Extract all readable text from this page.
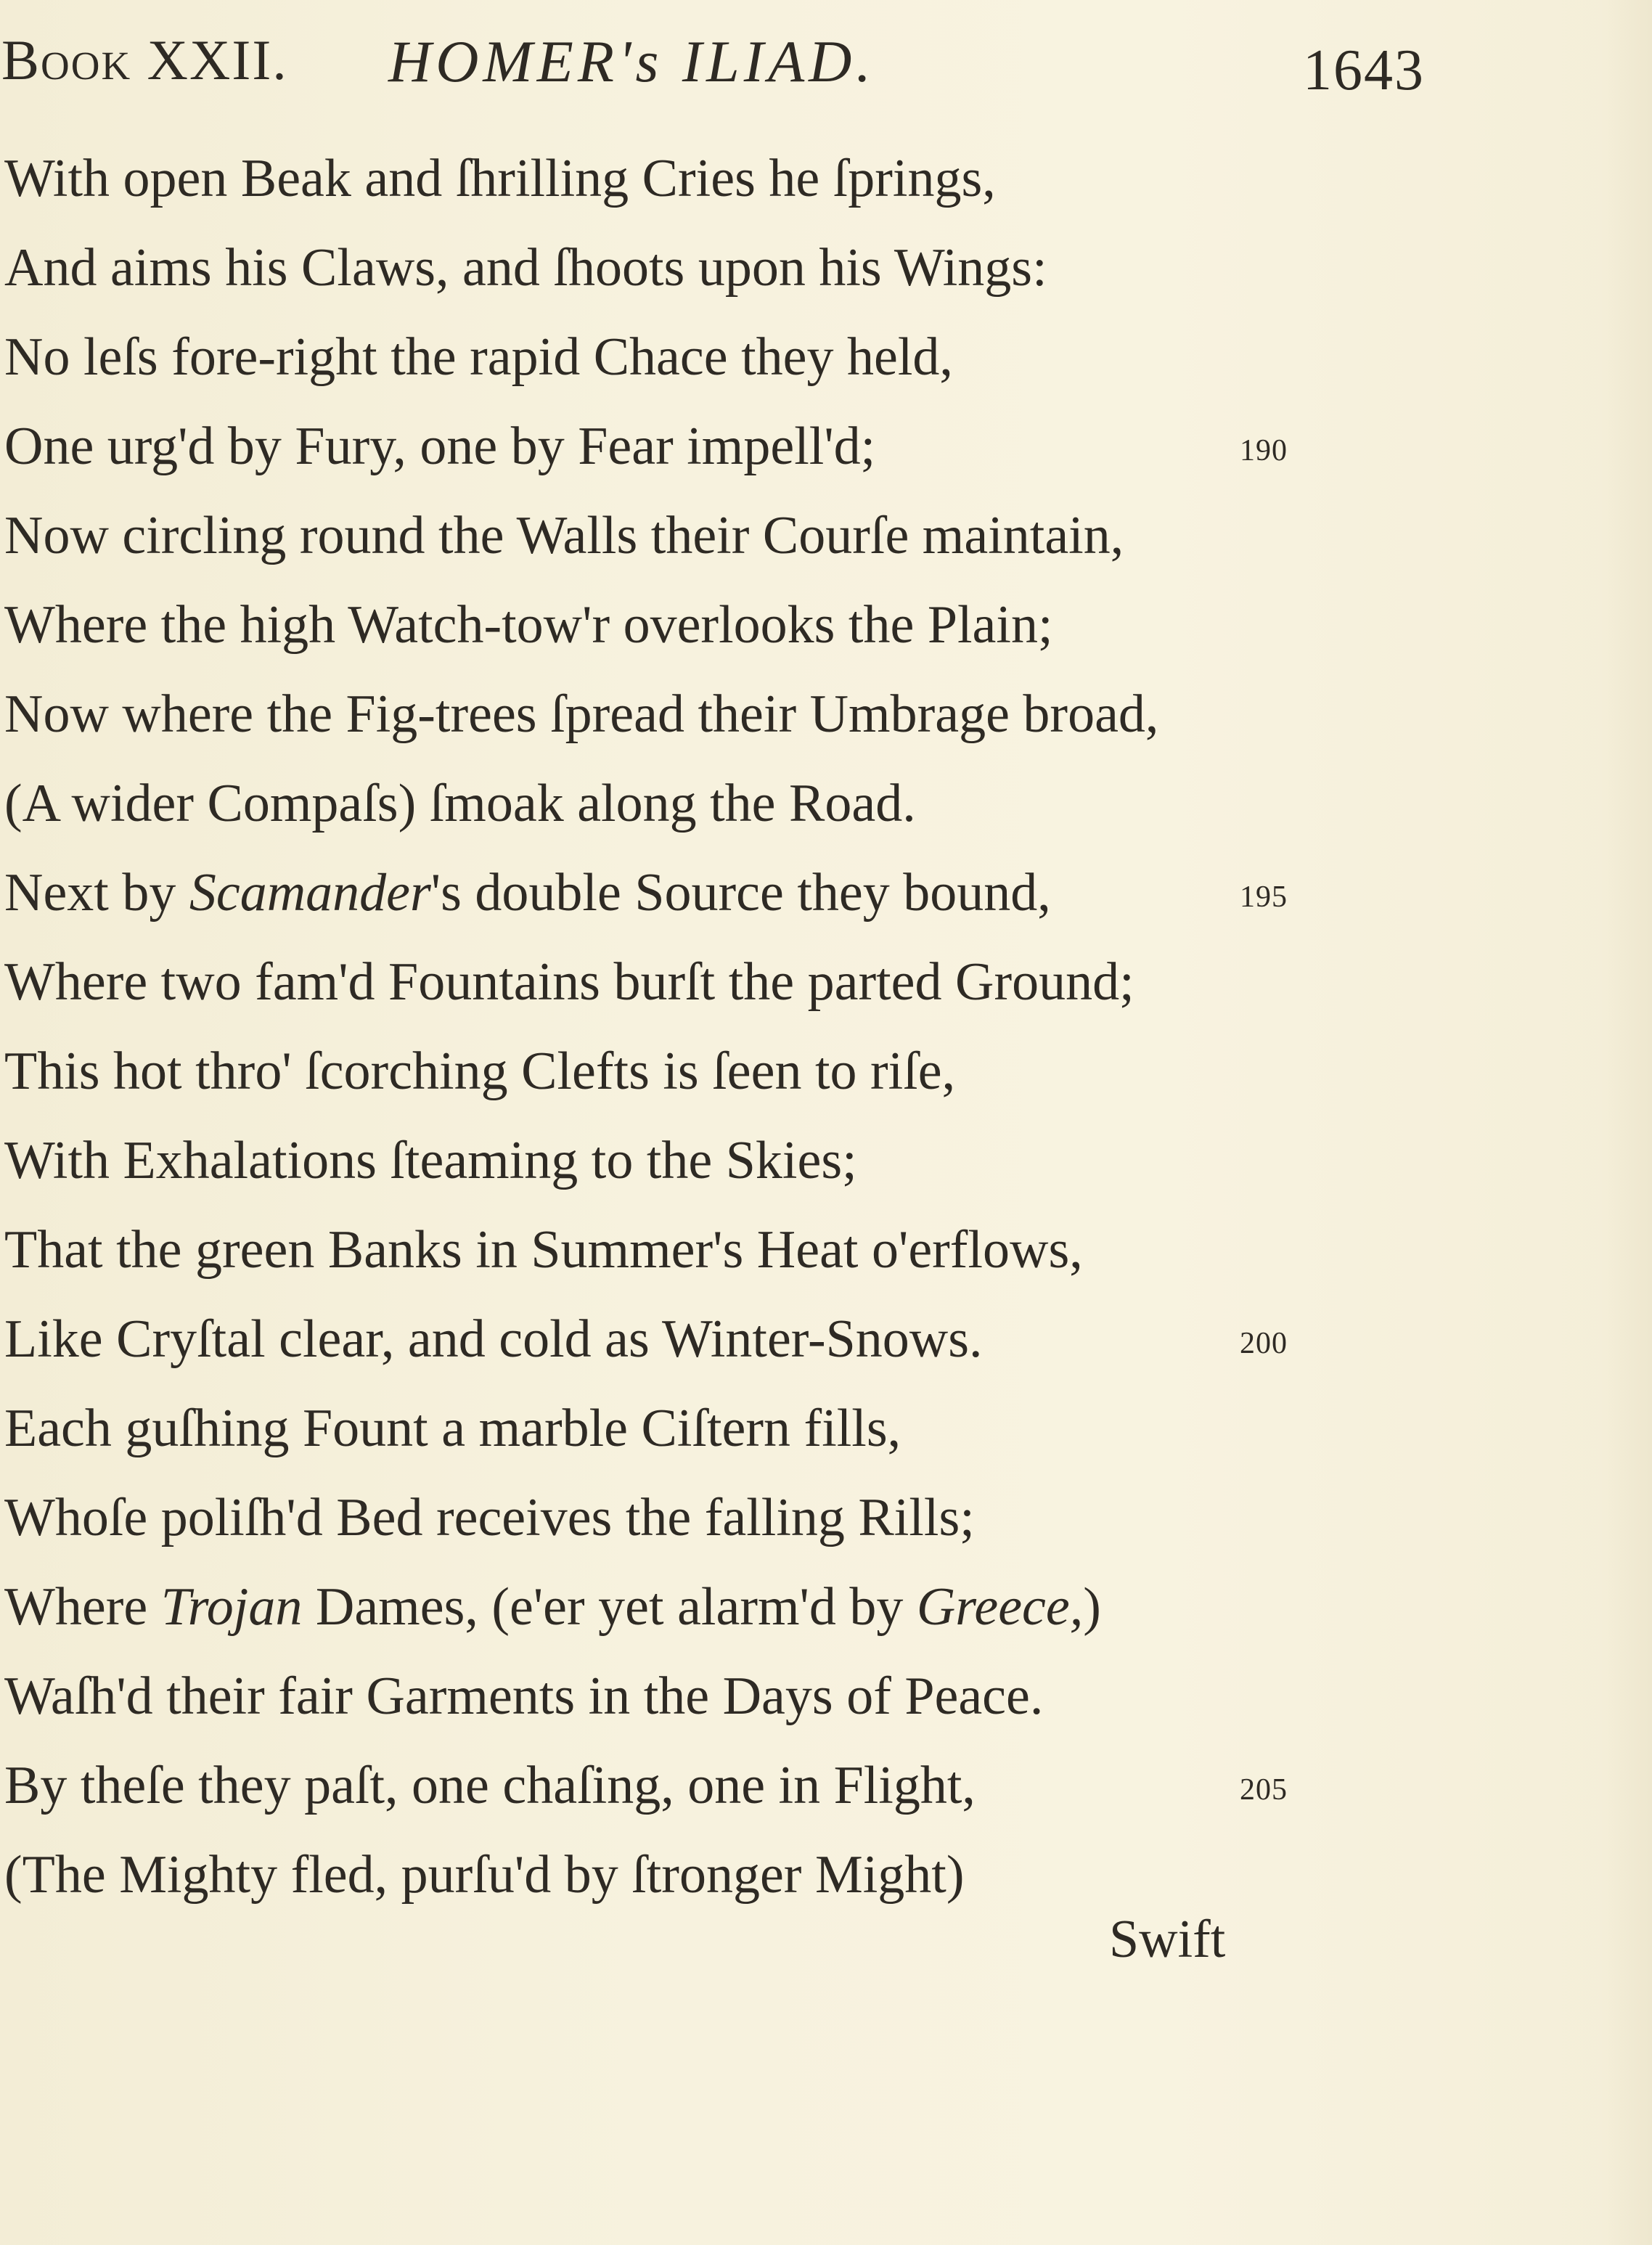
Book XXII. HOMER's ILIAD.	1643
With open Beak and ſhrilling Cries he ſprings,
And aims his Claws, and ſhoots upon his Wings:
No leſs fore-right the rapid Chace they held,
One urg'd by Fury, one by Fear impell'd;	190
Now circling round the Walls their Courſe maintain,
Where the high Watch-tow'r overlooks the Plain;
Now where the Fig-trees ſpread their Umbrage broad,
(A wider Compaſs) ſmoak along the Road.
Next by Scamander's double Source they bound,	195
Where two fam'd Fountains burſt the parted Ground;
This hot thro' ſcorching Clefts is ſeen to riſe,
With Exhalations ſteaming to the Skies;
That the green Banks in Summer's Heat o'erflows,
Like Cryſtal clear, and cold as Winter-Snows.	200
Each guſhing Fount a marble Ciſtern fills,
Whoſe poliſh'd Bed receives the falling Rills;
Where Trojan Dames, (e'er yet alarm'd by Greece,)
Waſh'd their fair Garments in the Days of Peace.
By theſe they paſt, one chaſing, one in Flight,	205
(The Mighty fled, purſu'd by ſtronger Might)
Swift
